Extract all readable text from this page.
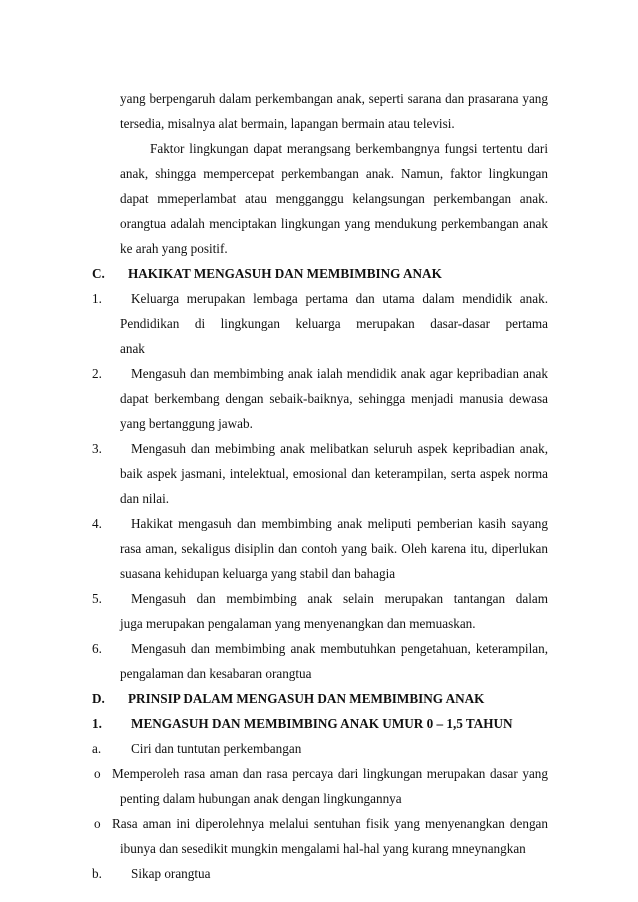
yang berpengaruh dalam perkembangan anak, seperti sarana dan prasarana yang
tersedia, misalnya alat bermain, lapangan bermain atau televisi.
Faktor lingkungan dapat merangsang berkembangnya fungsi tertentu dari
anak, shingga mempercepat perkembangan anak. Namun, faktor lingkungan
dapat mmeperlambat atau mengganggu kelangsungan perkembangan anak.
orangtua adalah menciptakan lingkungan yang mendukung perkembangan anak
ke arah yang positif.
C. HAKIKAT MENGASUH DAN MEMBIMBING ANAK
1. Keluarga merupakan lembaga pertama dan utama dalam mendidik anak.
Pendidikan di lingkungan keluarga merupakan dasar-dasar pertama
anak
2. Mengasuh dan membimbing anak ialah mendidik anak agar kepribadian anak
dapat berkembang dengan sebaik-baiknya, sehingga menjadi manusia dewasa
yang bertanggung jawab.
3. Mengasuh dan mebimbing anak melibatkan seluruh aspek kepribadian anak,
baik aspek jasmani, intelektual, emosional dan keterampilan, serta aspek norma
dan nilai.
4. Hakikat mengasuh dan membimbing anak meliputi pemberian kasih sayang
rasa aman, sekaligus disiplin dan contoh yang baik. Oleh karena itu, diperlukan
suasana kehidupan keluarga yang stabil dan bahagia
5. Mengasuh dan membimbing anak selain merupakan tantangan dalam
juga merupakan pengalaman yang menyenangkan dan memuaskan.
6. Mengasuh dan membimbing anak membutuhkan pengetahuan, keterampilan,
pengalaman dan kesabaran orangtua
D. PRINSIP DALAM MENGASUH DAN MEMBIMBING ANAK
1. MENGASUH DAN MEMBIMBING ANAK UMUR 0 – 1,5 TAHUN
a. Ciri dan tuntutan perkembangan
o Memperoleh rasa aman dan rasa percaya dari lingkungan merupakan dasar yang
penting dalam hubungan anak dengan lingkungannya
o Rasa aman ini diperolehnya melalui sentuhan fisik yang menyenangkan dengan
ibunya dan sesedikit mungkin mengalami hal-hal yang kurang mneynangkan
b. Sikap orangtua
